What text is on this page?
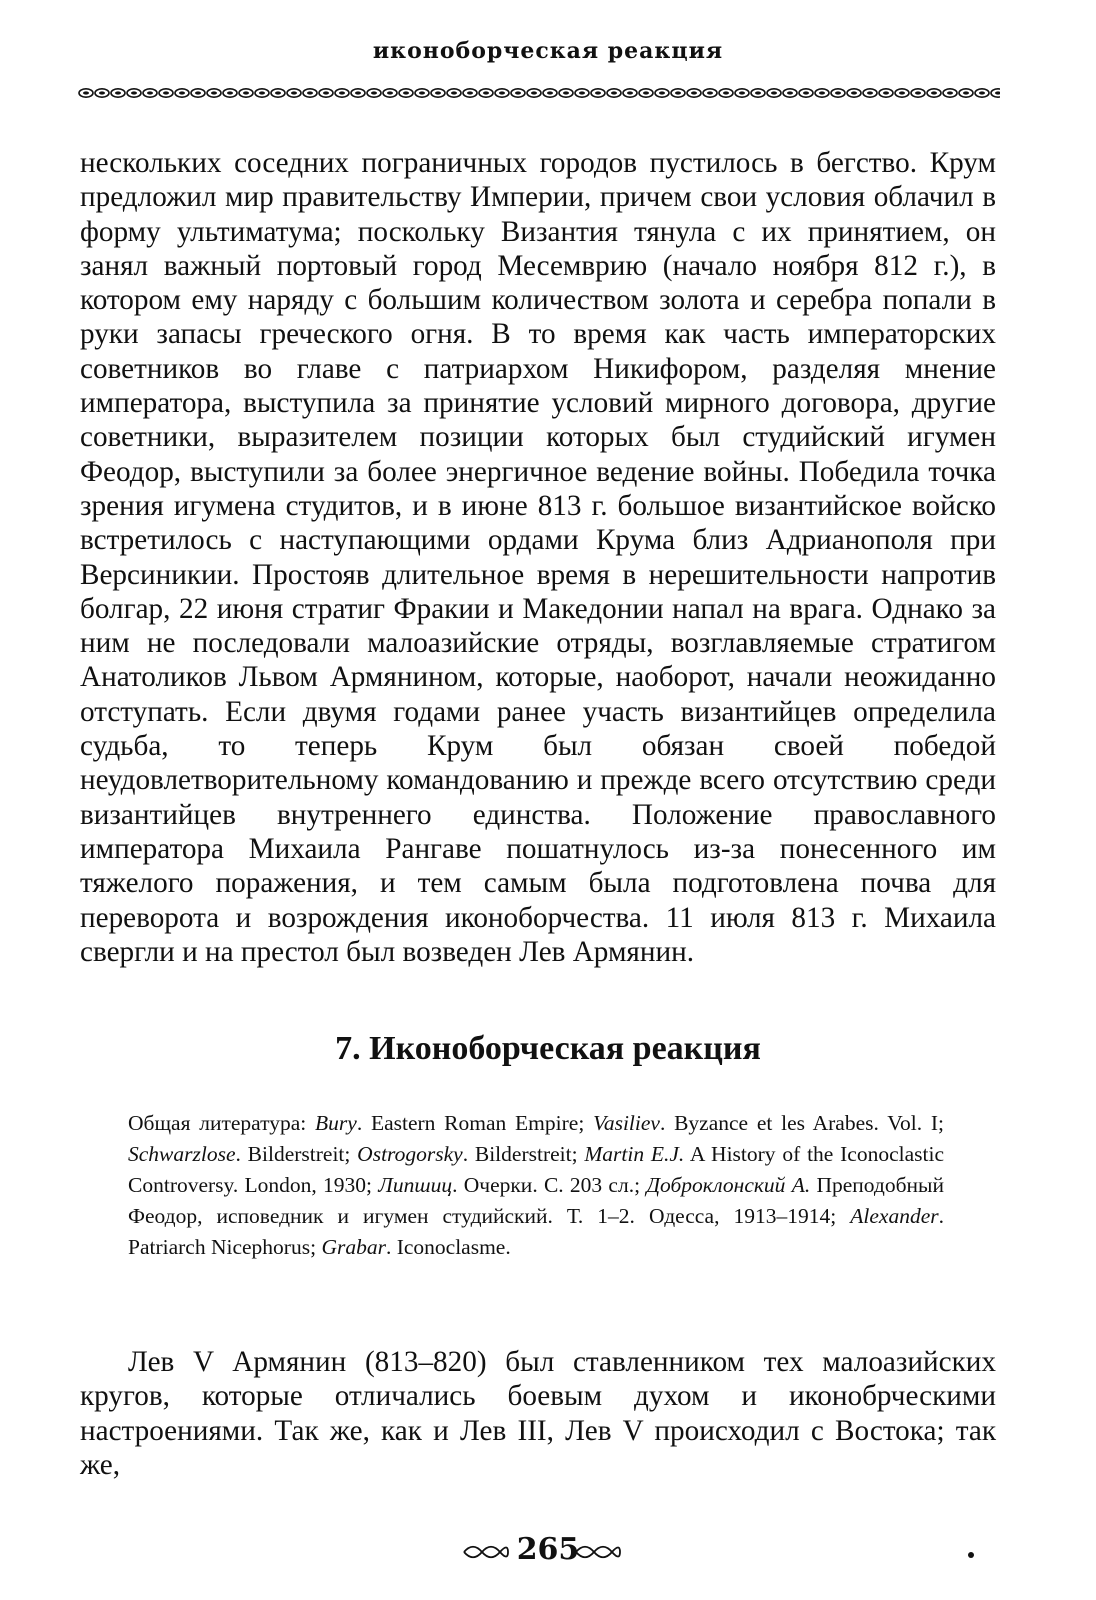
иконоборческая реакция

нескольких соседних пограничных городов пустилось в бегство. Крум предложил мир правительству Империи, причем свои условия облачил в форму ультиматума; поскольку Византия тянула с их принятием, он занял важный портовый город Месемврию (начало ноября 812 г.), в котором ему наряду с большим количеством золота и серебра попали в руки запасы греческого огня. В то время как часть императорских советников во главе с патриархом Никифором, разделяя мнение императора, выступила за принятие условий мирного договора, другие советники, выразителем позиции которых был студийский игумен Феодор, выступили за более энергичное ведение войны. Победила точка зрения игумена студитов, и в июне 813 г. большое византийское войско встретилось с наступающими ордами Крума близ Адрианополя при Версиникии. Простояв длительное время в нерешительности напротив болгар, 22 июня стратиг Фракии и Македонии напал на врага. Однако за ним не последовали малоазийские отряды, возглавляемые стратигом Анатоликов Львом Армянином, которые, наоборот, начали неожиданно отступать. Если двумя годами ранее участь византийцев определила судьба, то теперь Крум был обязан своей победой неудовлетворительному командованию и прежде всего отсутствию среди византийцев внутреннего единства. Положение православного императора Михаила Рангаве пошатнулось из-за понесенного им тяжелого поражения, и тем самым была подготовлена почва для переворота и возрождения иконоборчества. 11 июля 813 г. Михаила свергли и на престол был возведен Лев Армянин.

7. Иконоборческая реакция
Общая литература: Bury. Eastern Roman Empire; Vasiliev. Byzance et les Arabes. Vol. I; Schwarzlose. Bilderstreit; Ostrogorsky. Bilderstreit; Martin E.J. A History of the Iconoclastic Controversy. London, 1930; Липшиц. Очерки. С. 203 сл.; Доброклонский А. Преподобный Феодор, исповедник и игумен студийский. Т. 1–2. Одесса, 1913–1914; Alexander. Patriarch Nicephorus; Grabar. Iconoclasme.

Лев V Армянин (813–820) был ставленником тех малоазийских кругов, которые отличались боевым духом и иконобрческими настроениями. Так же, как и Лев III, Лев V происходил с Востока; так же,

265
